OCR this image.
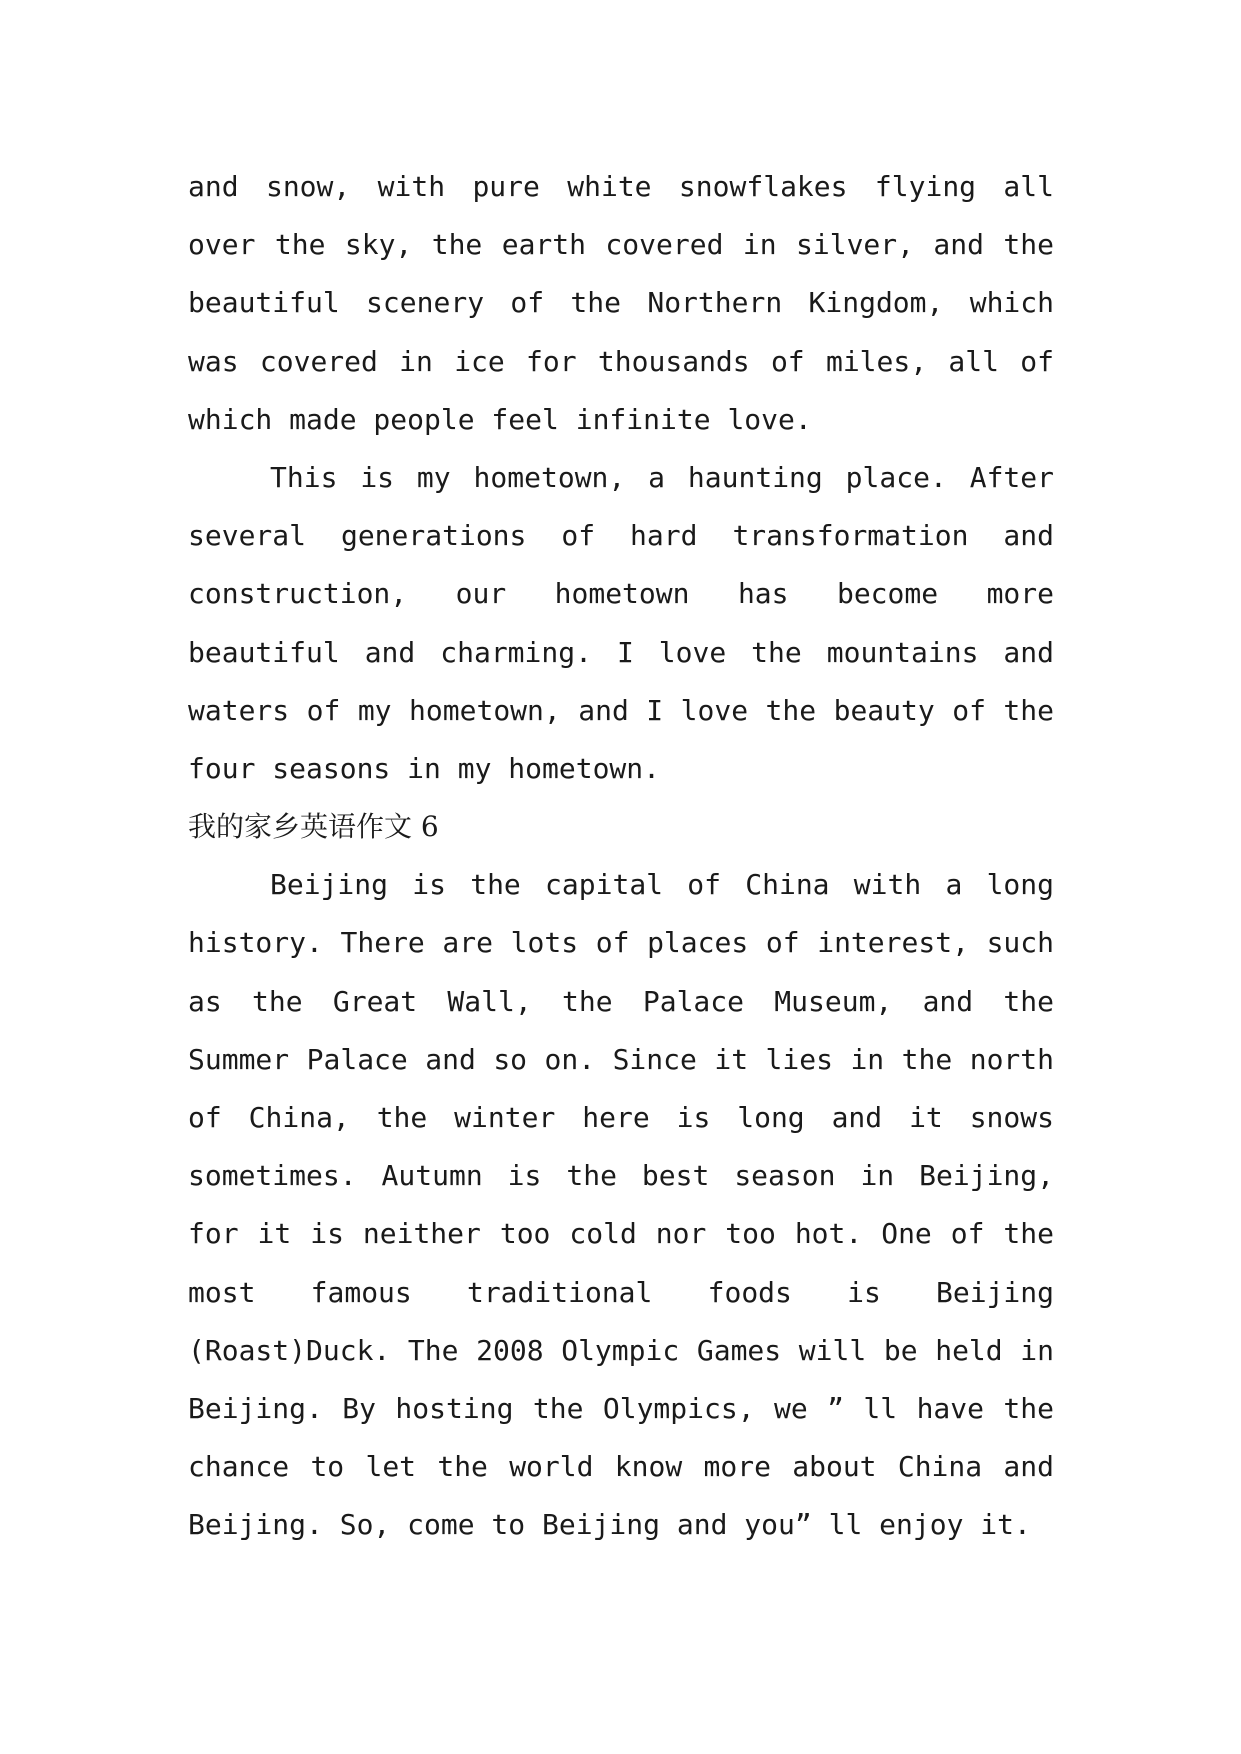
and snow, with pure white snowflakes flying all
over the sky, the earth covered in silver, and the
beautiful scenery of the Northern Kingdom, which
was covered in ice for thousands of miles, all of
which made people feel infinite love.
This is my hometown, a haunting place. After
several generations of hard transformation and
construction, our hometown has become more
beautiful and charming. I love the mountains and
waters of my hometown, and I love the beauty of the
four seasons in my hometown.
我的家乡英语作文 6
Beijing is the capital of China with a long
history. There are lots of places of interest, such
as the Great Wall, the Palace Museum, and the
Summer Palace and so on. Since it lies in the north
of China, the winter here is long and it snows
sometimes. Autumn is the best season in Beijing,
for it is neither too cold nor too hot. One of the
most famous traditional foods is Beijing
(Roast)Duck. The 2008 Olympic Games will be held in
Beijing. By hosting the Olympics, we ” ll have the
chance to let the world know more about China and
Beijing. So, come to Beijing and you” ll enjoy it.
